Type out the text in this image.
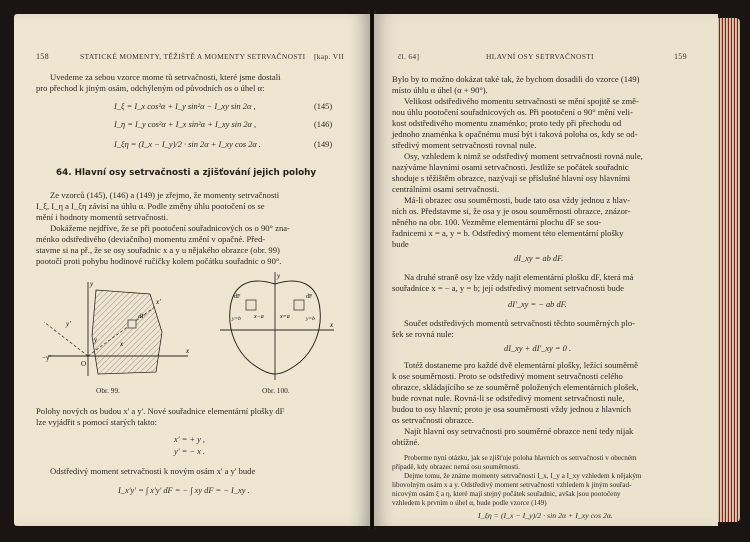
158	STATICKÉ MOMENTY, TĚŽIŠTĚ A MOMENTY SETRVAČNOSTI [kap. VII
Uvedeme za sebou vzorce mome tů setrvačnosti, které jsme dostali
pro přechod k jiným osám, odchýleným od původních os o úhel α:
I_ξ = I_x cos²α + I_y sin²α − I_xy sin 2α ,	(145)
I_η = I_y cos²α + I_x sin²α + I_xy sin 2α ,	(146)
I_ξη = (I_x − I_y)/2 · sin 2α + I_xy cos 2α .	(149)
64. Hlavní osy setrvačnosti a zjišťování jejich polohy
Ze vzorců (145), (146) a (149) je zřejmo, že momenty setrvačnosti
I_ξ, I_η a I_ξη závisí na úhlu α. Podle změny úhlu pootočení os se
mění i hodnoty momentů setrvačnosti.
Dokážeme nejdříve, že se při pootočení souřadnicových os o 90° zna-
ménko odstředivého (deviačního) momentu změní v opačné. Před-
stavme si na př., že se osy souřadnic x a y u nějakého obrazce (obr. 99)
pootočí proti pohybu hodinové ručičky kolem počátku souřadnic o 90°.
−y'
y
x
x'
y'
O
dF
x
y
Obr. 99.
y
x
dF	dF
x−a	x=a
y=b	y=b
Obr. 100.
Polohy nových os budou x' a y'. Nové souřadnice elementární plošky dF
lze vyjádřit s pomocí starých takto:
x' = + y ,
y' = − x .
Odstředivý moment setrvačnosti k novým osám x' a y' bude
I_x'y' = ∫ x'y' dF = − ∫ xy dF = − I_xy .
čl. 64]	HLAVNÍ OSY SETRVAČNOSTI	159
Bylo by to možno dokázat také tak, že bychom dosadili do vzorce (149)
místo úhlu α úhel (α + 90°).
Velikost odstředivého momentu setrvačnosti se mění spojitě se změ-
nou úhlu pootočení souřadnicových os. Při pootočení o 90° mění veli-
kost odstředivého momentu znaménko; proto tedy při přechodu od
jednoho znaménka k opačnému musí být i taková poloha os, kdy se od-
středivý moment setrvačnosti rovnal nule.
Osy, vzhledem k nimž se odstředivý moment setrvačnosti rovná nule,
nazýváme hlavními osami setrvačnosti. Jestliže se počátek souřadnic
shoduje s těžištěm obrazce, nazývají se příslušné hlavní osy hlavními
centrálními osami setrvačnosti.
Má-li obrazec osu souměrnosti, bude tato osa vždy jednou z hlav-
ních os. Představme si, že osa y je osou souměrnosti obrazce, znázor-
něného na obr. 100. Vezměme elementární plochu dF se sou-
řadnicemi x = a, y = b. Odstředivý moment této elementární plošky
bude
dI_xy = ab dF.
Na druhé straně osy lze vždy najít elementární plošku dF, která má
souřadnice x = − a, y = b; její odstředivý moment setrvačnosti bude
dI'_xy = − ab dF.
Součet odstředivých momentů setrvačnosti těchto souměrných plo-
šek se rovná nule:
dI_xy + dI'_xy = 0 .
Totéž dostaneme pro každé dvě elementární plošky, ležící souměrně
k ose souměrnosti. Proto se odstředivý moment setrvačnosti celého
obrazce, skládajícího se ze souměrně položených elementárních plošek,
bude rovnat nule. Rovná-li se odstředivý moment setrvačnosti nule,
budou to osy hlavní; proto je osa souměrnosti vždy jednou z hlavních
os setrvačnosti obrazce.
Najít hlavní osy setrvačnosti pro souměrné obrazce není tedy nijak
obtížné.
Proberme nyní otázku, jak se zjišťuje poloha hlavních os setrvačnosti v obecném
případě, kdy obrazec nemá osu souměrnosti.
Dejme tomu, že známe momenty setrvačnosti I_x, I_y a I_xy vzhledem k nějakým
libovolným osám x a y. Odstředivý moment setrvačnosti vzhledem k jiným souřad-
nicovým osám ξ a η, které mají stejný počátek souřadnic, avšak jsou pootočeny
vzhledem k prvním o úhel α, bude podle vzorce (149)
I_ξη = (I_x − I_y)/2 · sin 2α + I_xy cos 2α.
